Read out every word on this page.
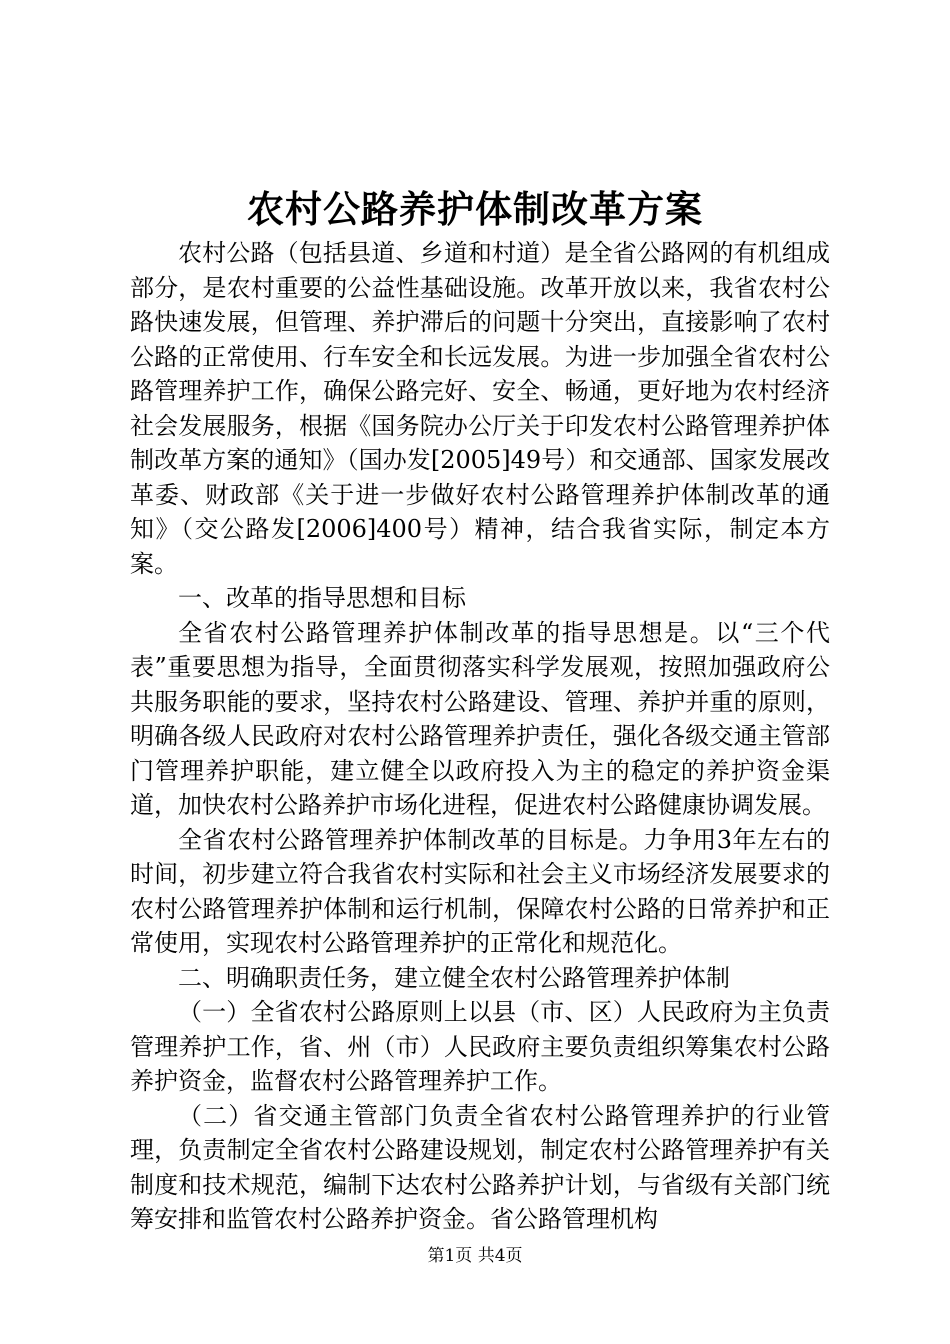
农村公路养护体制改革方案

农村公路（包括县道、乡道和村道）是全省公路网的有机组成部分，是农村重要的公益性基础设施。改革开放以来，我省农村公路快速发展，但管理、养护滞后的问题十分突出，直接影响了农村公路的正常使用、行车安全和长远发展。为进一步加强全省农村公路管理养护工作，确保公路完好、安全、畅通，更好地为农村经济社会发展服务，根据《国务院办公厅关于印发农村公路管理养护体制改革方案的通知》（国办发[2005]49号）和交通部、国家发展改革委、财政部《关于进一步做好农村公路管理养护体制改革的通知》（交公路发[2006]400号）精神，结合我省实际，制定本方案。

一、改革的指导思想和目标

全省农村公路管理养护体制改革的指导思想是。以“三个代表”重要思想为指导，全面贯彻落实科学发展观，按照加强政府公共服务职能的要求，坚持农村公路建设、管理、养护并重的原则，明确各级人民政府对农村公路管理养护责任，强化各级交通主管部门管理养护职能，建立健全以政府投入为主的稳定的养护资金渠道，加快农村公路养护市场化进程，促进农村公路健康协调发展。

全省农村公路管理养护体制改革的目标是。力争用3年左右的时间，初步建立符合我省农村实际和社会主义市场经济发展要求的农村公路管理养护体制和运行机制，保障农村公路的日常养护和正常使用，实现农村公路管理养护的正常化和规范化。

二、明确职责任务，建立健全农村公路管理养护体制

（一）全省农村公路原则上以县（市、区）人民政府为主负责管理养护工作，省、州（市）人民政府主要负责组织筹集农村公路养护资金，监督农村公路管理养护工作。

（二）省交通主管部门负责全省农村公路管理养护的行业管理，负责制定全省农村公路建设规划，制定农村公路管理养护有关制度和技术规范，编制下达农村公路养护计划，与省级有关部门统筹安排和监管农村公路养护资金。省公路管理机构

第1页 共4页
